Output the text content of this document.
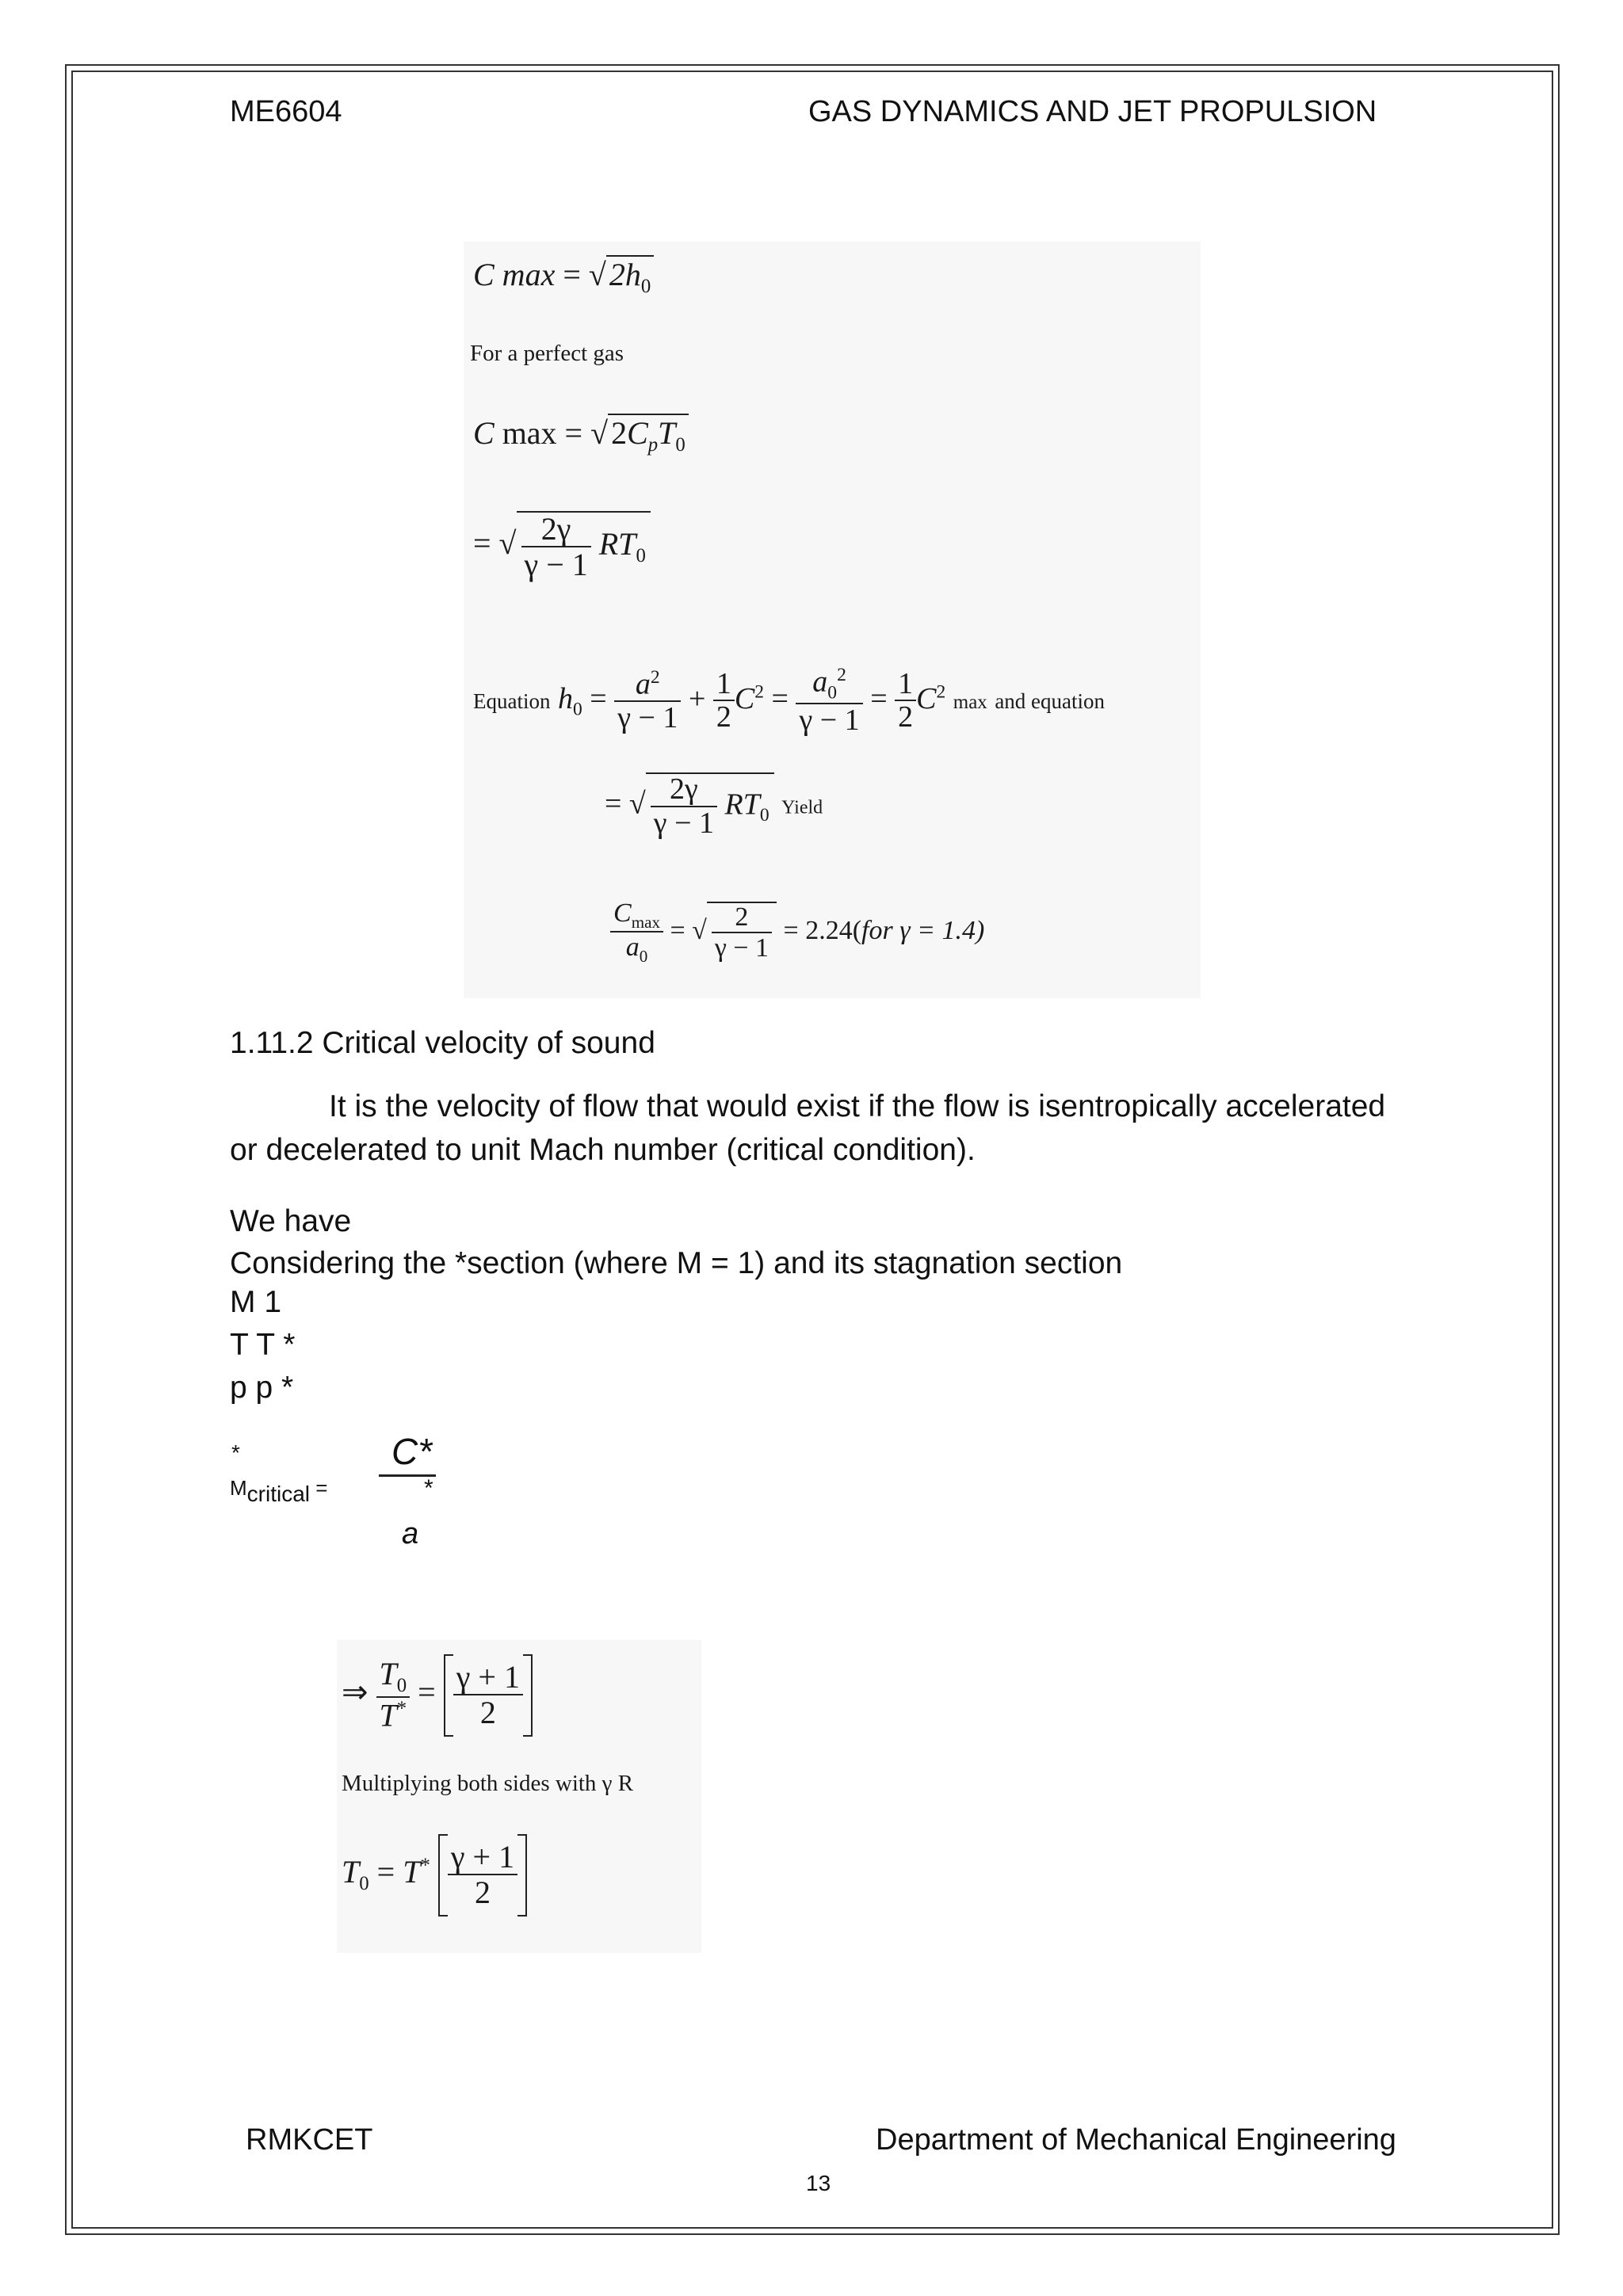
ME6604	GAS DYNAMICS AND JET PROPULSION
C max = √ $2h_0$
For a perfect gas
C max = √ $2C_pT_0$
= √ $\frac{2\gamma}{\gamma - 1} RT_0$
Equation $h_0 = \frac{a^2}{\gamma - 1} + \frac{1}{2} C^2 = \frac{a_0^2}{\gamma - 1} = \frac{1}{2} C^2$ max and equation
= √ $\frac{2\gamma}{\gamma - 1} RT_0$ Yield
$\frac{C_{max}}{a_0}$ = √ $\frac{2}{\gamma - 1} = 2.24(for$ γ = 1.4)
1.11.2 Critical velocity of sound
It is the velocity of flow that would exist if the flow is isentropically accelerated
or decelerated to unit Mach number (critical condition).
We have
Considering the *section (where M = 1) and its stagnation section
M 1
T T *
p p *
*
Mcritical =
C*
*
a
⇒ $\frac{T_0}{T^*} = \frac{\gamma + 1}{2}$
Multiplying both sides with γ R
$T_0 = T^* \frac{\gamma + 1}{2}$
RMKCET	Department of Mechanical Engineering
13
